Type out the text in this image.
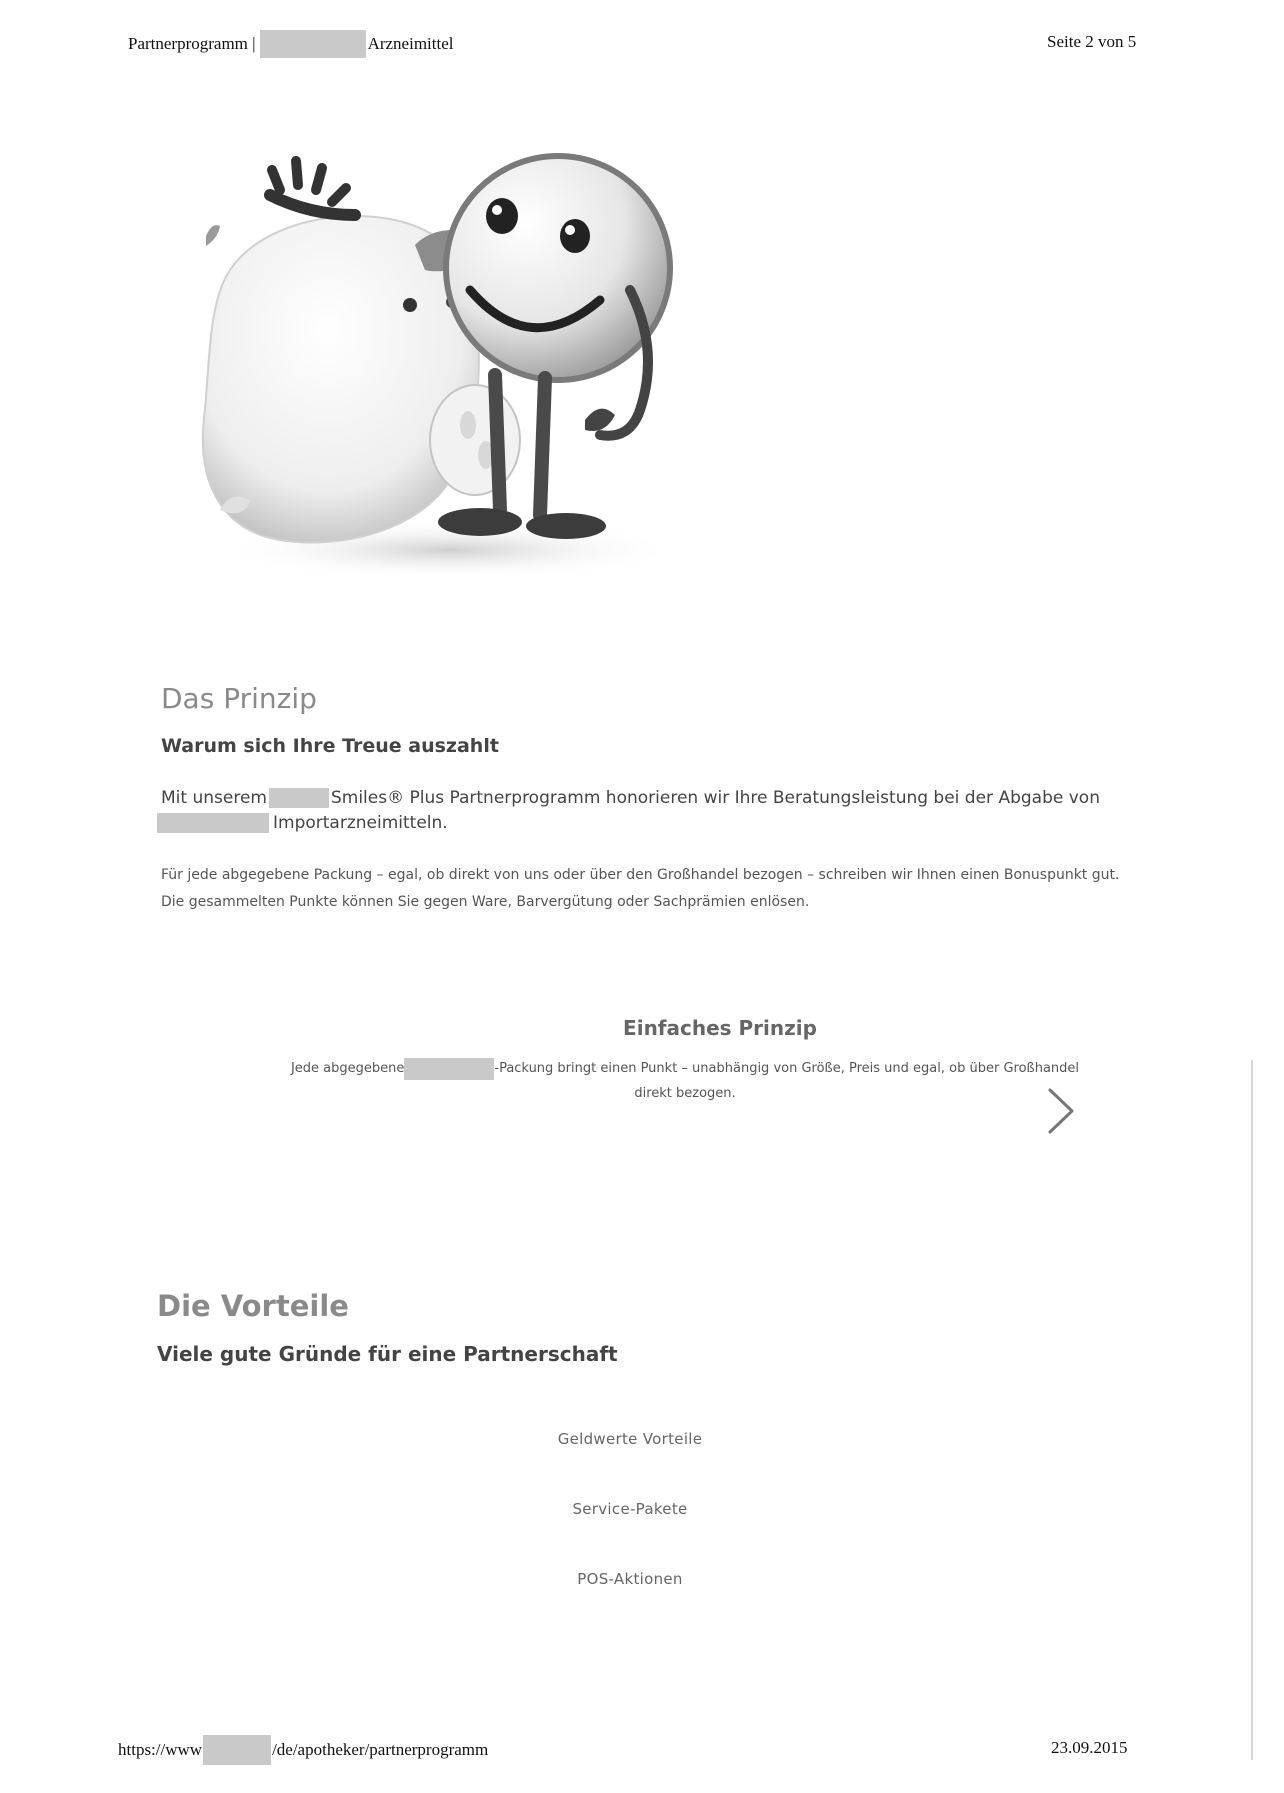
Partnerprogramm |	Arzneimittel	Seite 2 von 5
Das Prinzip
Warum sich Ihre Treue auszahlt

Mit unserem	Smiles® Plus Partnerprogramm honorieren wir Ihre Beratungsleistung bei der Abgabe von
Importarzneimitteln.

Für jede abgegebene Packung – egal, ob direkt von uns oder über den Großhandel bezogen – schreiben wir Ihnen einen Bonuspunkt gut. Die gesammelten Punkte können Sie gegen Ware, Barvergütung oder Sachprämien enlösen.

Einfaches Prinzip

Jede abgegebene	-Packung bringt einen Punkt – unabhängig von Größe, Preis und egal, ob über Großhandel
direkt bezogen.

Die Vorteile
Viele gute Gründe für eine Partnerschaft
Geldwerte Vorteile
Service-Pakete
POS-Aktionen
https://www	/de/apotheker/partnerprogramm	23.09.2015
